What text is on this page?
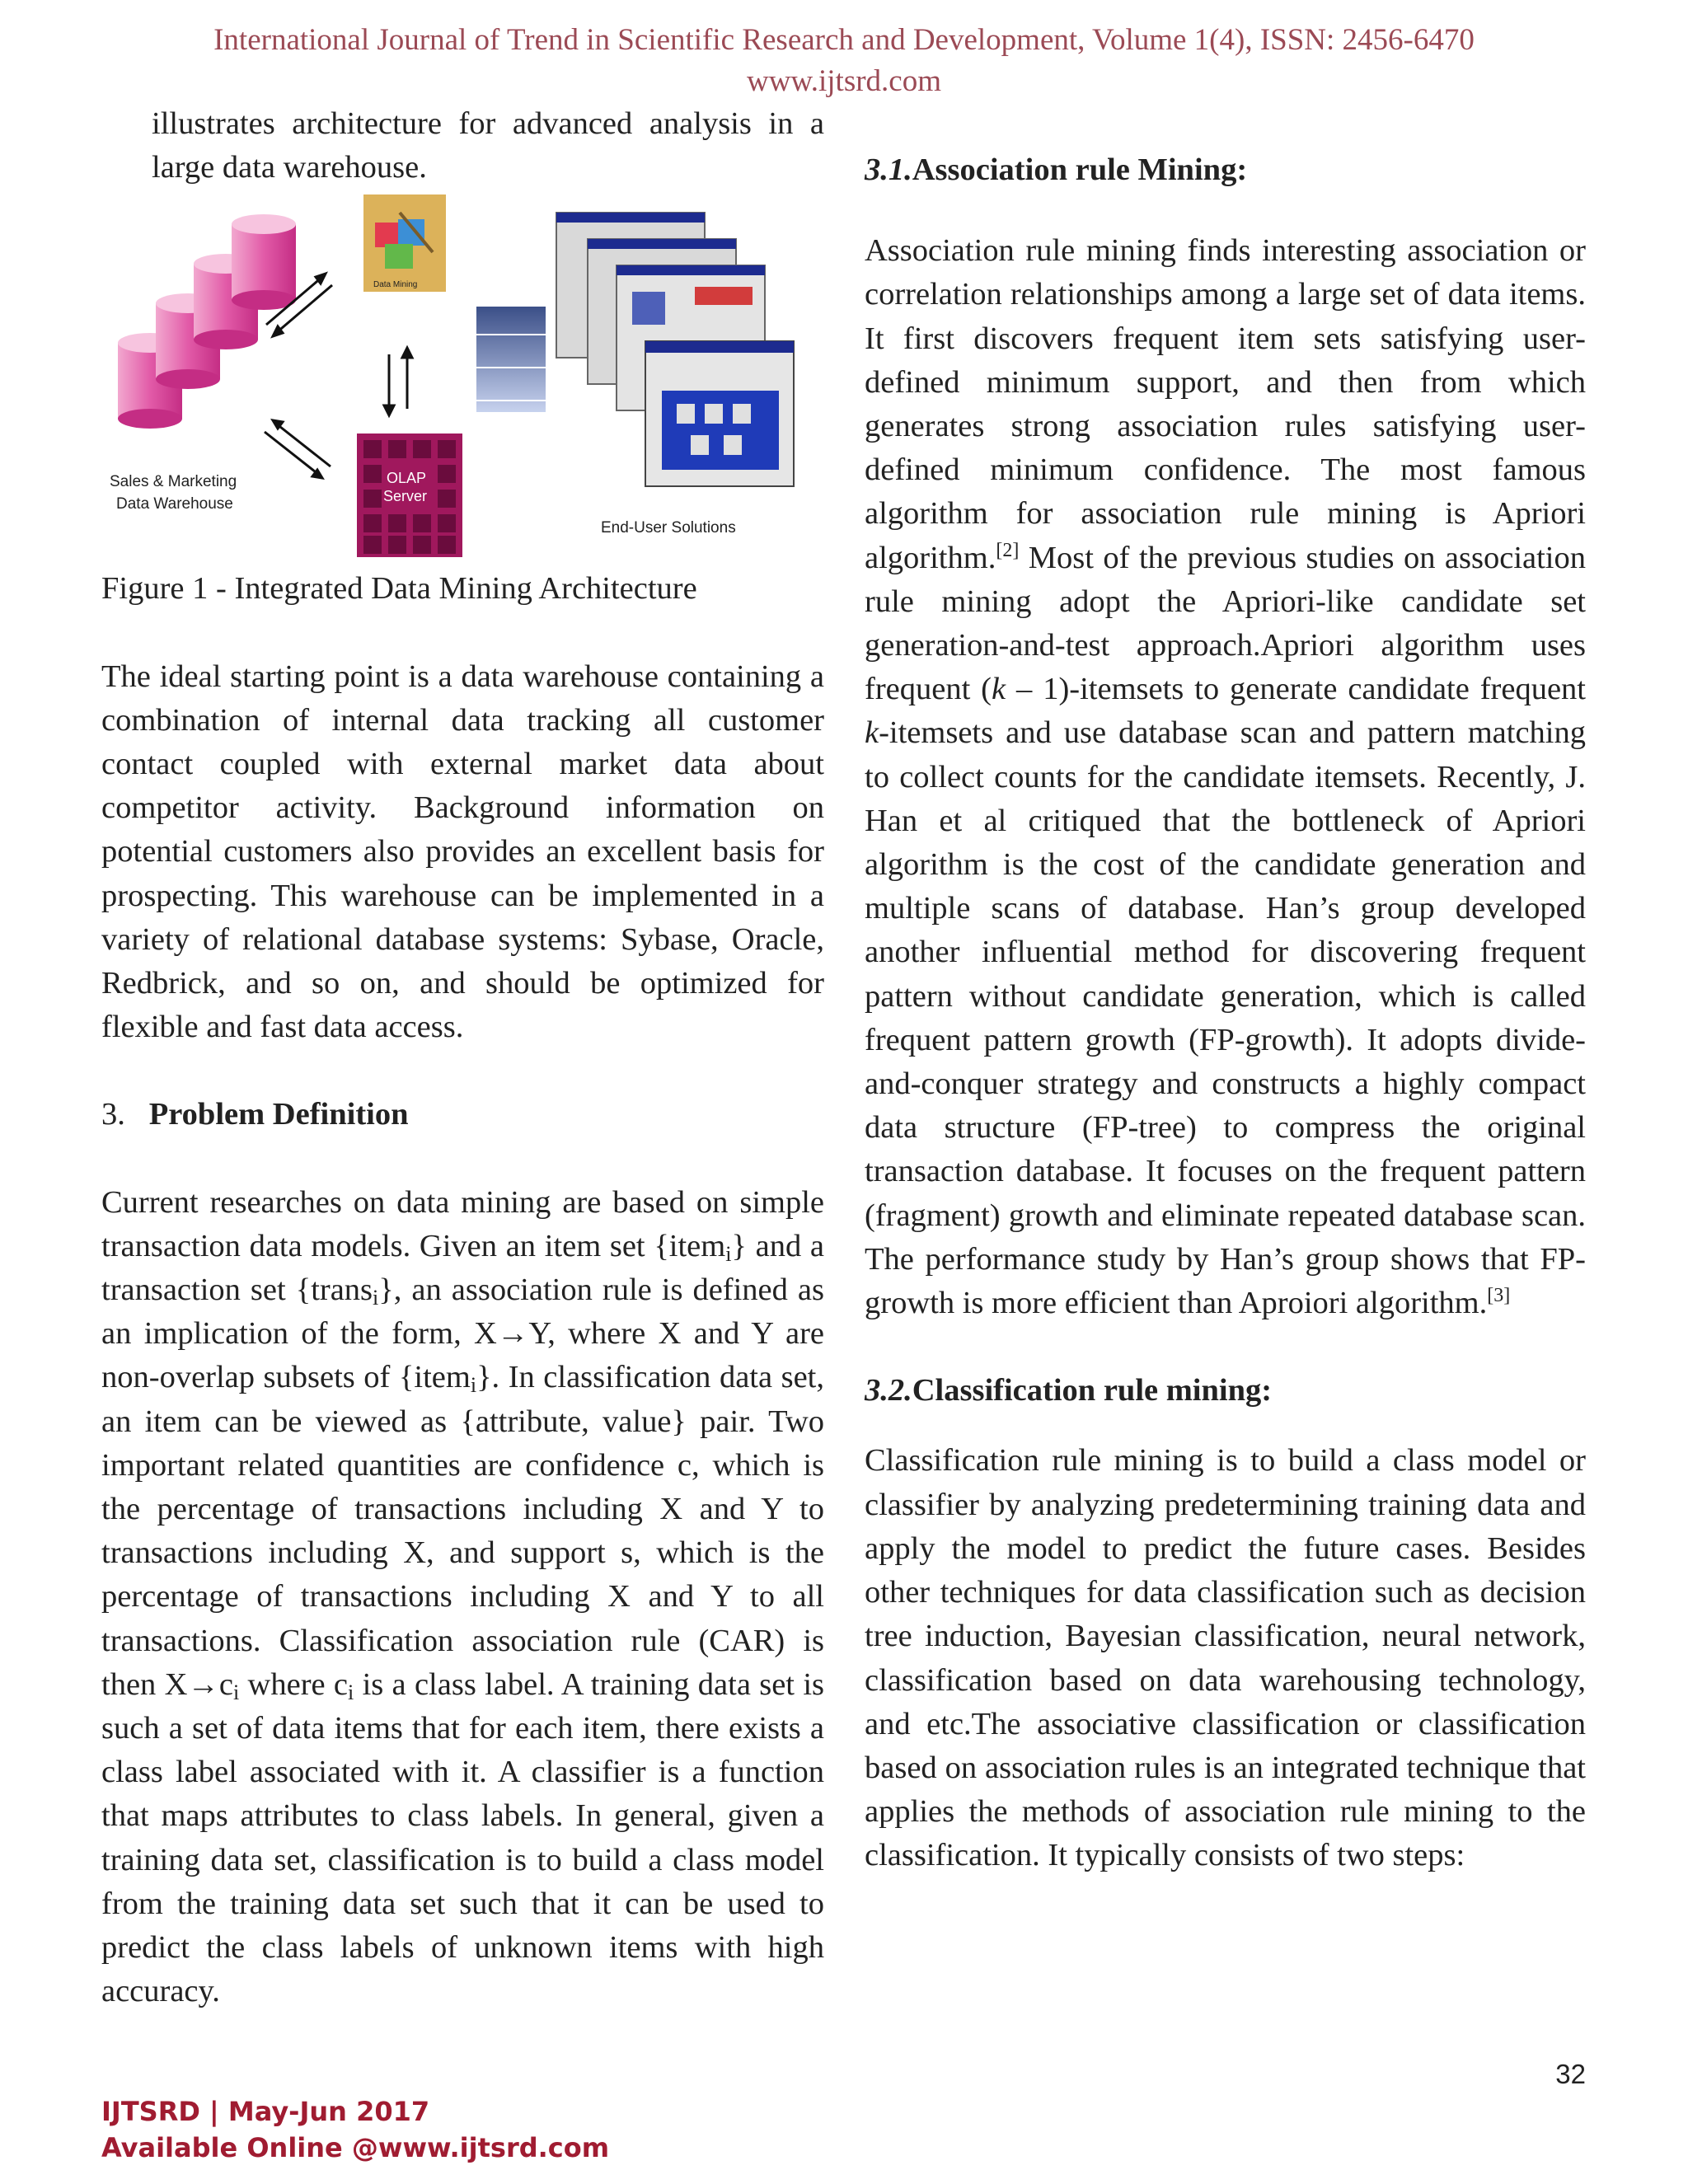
International Journal of Trend in Scientific Research and Development, Volume 1(4), ISSN: 2456-6470
www.ijtsrd.com

illustrates architecture for advanced analysis in a large data warehouse.

Sales & Marketing
Data Warehouse
Data Mining
OLAP
Server
End-User Solutions

Figure 1 - Integrated Data Mining Architecture

The ideal starting point is a data warehouse containing a combination of internal data tracking all customer contact coupled with external market data about competitor activity. Background information on potential customers also provides an excellent basis for prospecting. This warehouse can be implemented in a variety of relational database systems: Sybase, Oracle, Redbrick, and so on, and should be optimized for flexible and fast data access.

3. Problem Definition

Current researches on data mining are based on simple transaction data models. Given an item set {item$_i$} and a transaction set {trans$_i$}, an association rule is defined as an implication of the form, X→Y, where X and Y are non-overlap subsets of {item$_i$}. In classification data set, an item can be viewed as {attribute, value} pair. Two important related quantities are confidence c, which is the percentage of transactions including X and Y to transactions including X, and support s, which is the percentage of transactions including X and Y to all transactions. Classification association rule (CAR) is then $X\to c_i$ where $c_i$ is a class label. A training data set is such a set of data items that for each item, there exists a class label associated with it. A classifier is a function that maps attributes to class labels. In general, given a training data set, classification is to build a class model from the training data set such that it can be used to predict the class labels of unknown items with high accuracy.

3.1.Association rule Mining:

Association rule mining finds interesting association or correlation relationships among a large set of data items. It first discovers frequent item sets satisfying user-defined minimum support, and then from which generates strong association rules satisfying user-defined minimum confidence. The most famous algorithm for association rule mining is Apriori algorithm.[2] Most of the previous studies on association rule mining adopt the Apriori-like candidate set generation-and-test approach.Apriori algorithm uses frequent (k – 1)-itemsets to generate candidate frequent k-itemsets and use database scan and pattern matching to collect counts for the candidate itemsets. Recently, J. Han et al critiqued that the bottleneck of Apriori algorithm is the cost of the candidate generation and multiple scans of database. Han’s group developed another influential method for discovering frequent pattern without candidate generation, which is called frequent pattern growth (FP-growth). It adopts divide-and-conquer strategy and constructs a highly compact data structure (FP-tree) to compress the original transaction database. It focuses on the frequent pattern (fragment) growth and eliminate repeated database scan. The performance study by Han’s group shows that FP-growth is more efficient than Aproiori algorithm.[3]

3.2.Classification rule mining:

Classification rule mining is to build a class model or classifier by analyzing predetermining training data and apply the model to predict the future cases. Besides other techniques for data classification such as decision tree induction, Bayesian classification, neural network, classification based on data warehousing technology, and etc.The associative classification or classification based on association rules is an integrated technique that applies the methods of association rule mining to the classification. It typically consists of two steps:

32
IJTSRD | May-Jun 2017
Available Online @www.ijtsrd.com
